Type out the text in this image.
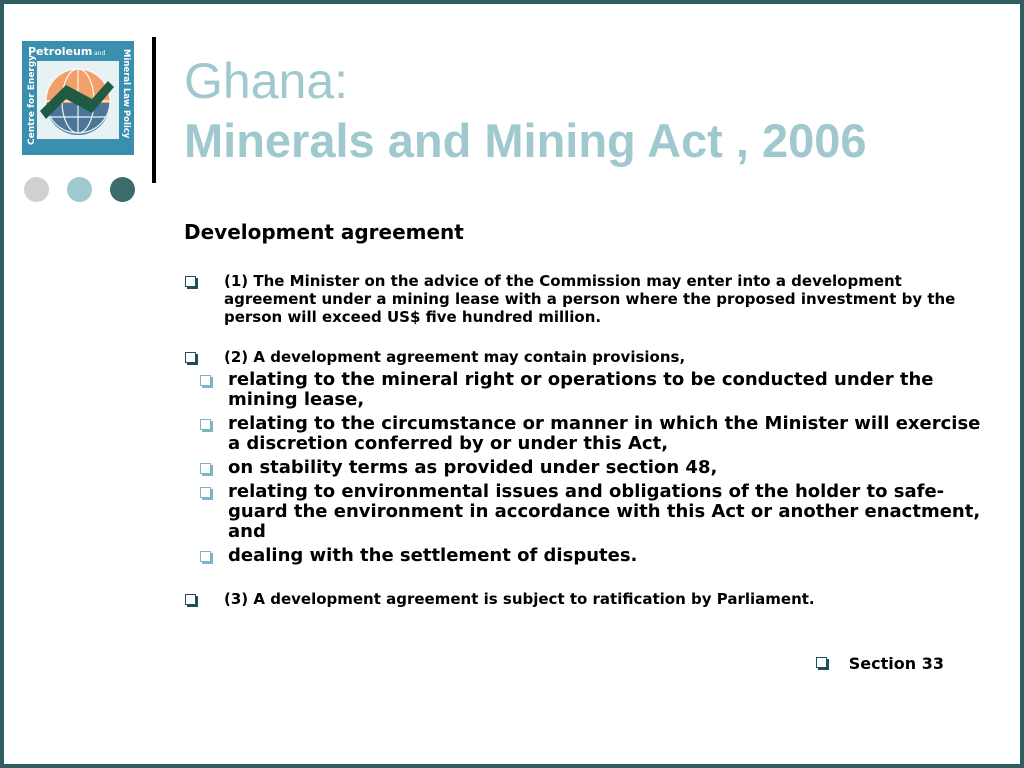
Petroleum and
Centre for Energy	Mineral Law Policy Ghana:
Minerals and Mining Act , 2006
Development agreement
(1) The Minister on the advice of the Commission may enter into a development agreement under a mining lease with a person where the proposed investment by the person will exceed US$ five hundred million.
(2) A development agreement may contain provisions,
relating to the mineral right or operations to be conducted under the mining lease,
relating to the circumstance or manner in which the Minister will exercise a discretion conferred by or under this Act,
on stability terms as provided under section 48,
relating to environmental issues and obligations of the holder to safe-guard the environment in accordance with this Act or another enactment, and
dealing with the settlement of disputes.
(3) A development agreement is subject to ratification by Parliament.
Section 33
